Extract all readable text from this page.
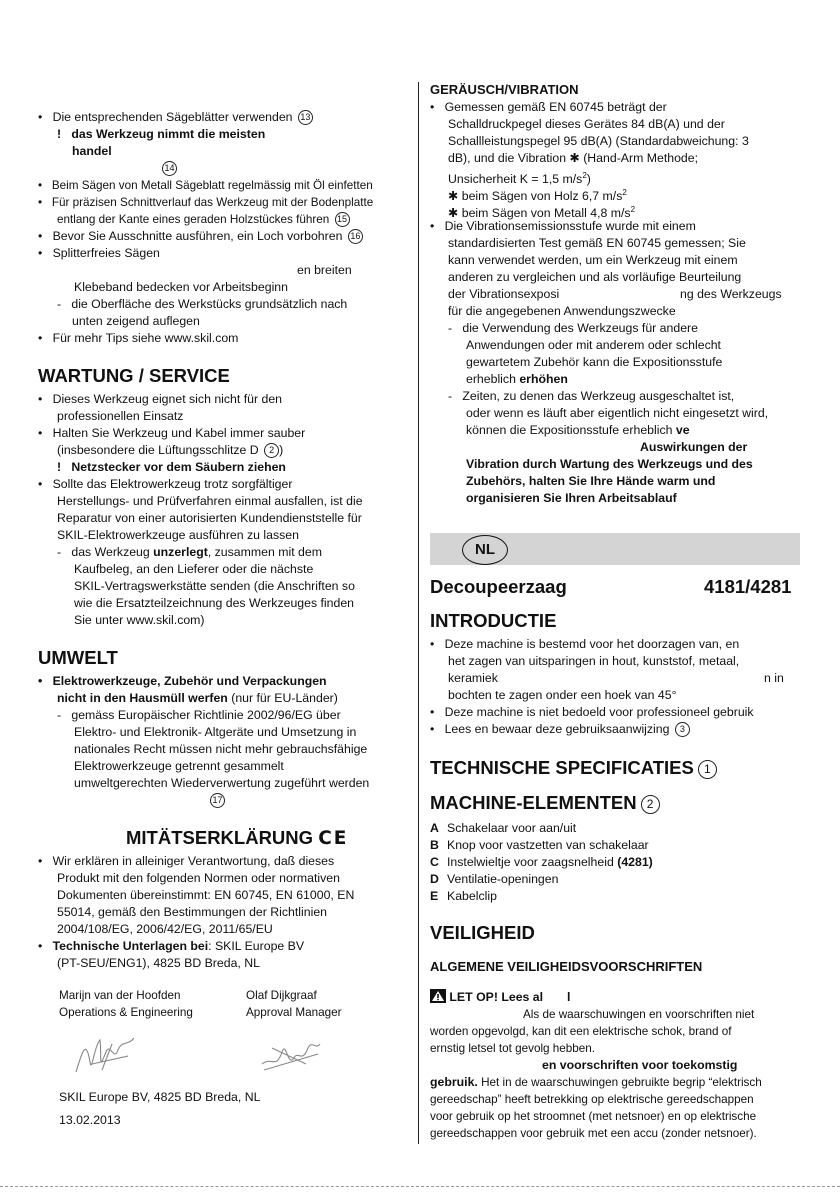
•   Die entsprechenden Sägeblätter verwenden 13
!   das Werkzeug nimmt die meisten
handel
14
•   Beim Sägen von Metall Sägeblatt regelmässig mit Öl einfetten
•   Für präzisen Schnittverlauf das Werkzeug mit der Bodenplatte
entlang der Kante eines geraden Holzstückes führen 15
•   Bevor Sie Ausschnitte ausführen, ein Loch vorbohren 16
•   Splitterfreies Sägen
en breiten
Klebeband bedecken vor Arbeitsbeginn
-   die Oberfläche des Werkstücks grundsätzlich nach
unten zeigend auflegen
•   Für mehr Tips siehe www.skil.com
WARTUNG / SERVICE
•   Dieses Werkzeug eignet sich nicht für den
professionellen Einsatz
•   Halten Sie Werkzeug und Kabel immer sauber
(insbesondere die Lüftungsschlitze D 2 )
!   Netzstecker vor dem Säubern ziehen
•   Sollte das Elektrowerkzeug trotz sorgfältiger
Herstellungs- und Prüfverfahren einmal ausfallen, ist die
Reparatur von einer autorisierten Kundendienststelle für
SKIL-Elektrowerkzeuge ausführen zu lassen
-   das Werkzeug unzerlegt, zusammen mit dem
Kaufbeleg, an den Lieferer oder die nächste
SKIL-Vertragswerkstätte senden (die Anschriften so
wie die Ersatzteilzeichnung des Werkzeuges finden
Sie unter www.skil.com)
UMWELT
•   Elektrowerkzeuge, Zubehör und Verpackungen
nicht in den Hausmüll werfen (nur für EU-Länder)
-   gemäss Europäischer Richtlinie 2002/96/EG über
Elektro- und Elektronik- Altgeräte und Umsetzung in
nationales Recht müssen nicht mehr gebrauchsfähige
Elektrowerkzeuge getrennt gesammelt
umweltgerechten Wiederverwertung zugeführt werden
17
MITÄTSERKLÄRUNG CE
•   Wir erklären in alleiniger Verantwortung, daß dieses
Produkt mit den folgenden Normen oder normativen
Dokumenten übereinstimmt: EN 60745, EN 61000, EN
55014, gemäß den Bestimmungen der Richtlinien
2004/108/EG, 2006/42/EG, 2011/65/EU
•   Technische Unterlagen bei: SKIL Europe BV
(PT-SEU/ENG1), 4825 BD Breda, NL
Marijn van der Hoofden
Operations & Engineering
Olaf Dijkgraaf
Approval Manager
SKIL Europe BV, 4825 BD Breda, NL
13.02.2013
GERÄUSCH/VIBRATION
•   Gemessen gemäß EN 60745 beträgt der
Schalldruckpegel dieses Gerätes 84 dB(A) und der
Schallleistungspegel 95 dB(A) (Standardabweichung: 3
dB), und die Vibration ✱ (Hand-Arm Methode;
Unsicherheit K = 1,5 $m/s^2$)
✱ beim Sägen von Holz 6,7 $m/s^2$
✱ beim Sägen von Metall 4,8 $m/s^2$
•   Die Vibrationsemissionsstufe wurde mit einem
standardisierten Test gemäß EN 60745 gemessen; Sie
kann verwendet werden, um ein Werkzeug mit einem
anderen zu vergleichen und als vorläufige Beurteilung
der Vibrationsexposi	ng des Werkzeugs
für die angegebenen Anwendungszwecke
-   die Verwendung des Werkzeugs für andere
Anwendungen oder mit anderem oder schlecht
gewartetem Zubehör kann die Expositionsstufe
erheblich erhöhen
-   Zeiten, zu denen das Werkzeug ausgeschaltet ist,
oder wenn es läuft aber eigentlich nicht eingesetzt wird,
können die Expositionsstufe erheblich ve
Auswirkungen der
Vibration durch Wartung des Werkzeugs und des
Zubehörs, halten Sie Ihre Hände warm und
organisieren Sie Ihren Arbeitsablauf
NL
Decoupeerzaag	4181/4281
INTRODUCTIE
•   Deze machine is bestemd voor het doorzagen van, en
het zagen van uitsparingen in hout, kunststof, metaal,
keramiek	n in
bochten te zagen onder een hoek van 45°
•   Deze machine is niet bedoeld voor professioneel gebruik
•   Lees en bewaar deze gebruiksaanwijzing 3
TECHNISCHE SPECIFICATIES 1
MACHINE-ELEMENTEN 2
A Schakelaar voor aan/uit
B Knop voor vastzetten van schakelaar
C Instelwieltje voor zaagsnelheid (4281)
D Ventilatie-openingen
E Kabelclip
VEILIGHEID
ALGEMENE VEILIGHEIDSVOORSCHRIFTEN
LET OP! Lees al l
Als de waarschuwingen en voorschriften niet
worden opgevolgd, kan dit een elektrische schok, brand of
ernstig letsel tot gevolg hebben.
en voorschriften voor toekomstig
gebruik. Het in de waarschuwingen gebruikte begrip “elektrisch
gereedschap” heeft betrekking op elektrische gereedschappen
voor gebruik op het stroomnet (met netsnoer) en op elektrische
gereedschappen voor gebruik met een accu (zonder netsnoer).
